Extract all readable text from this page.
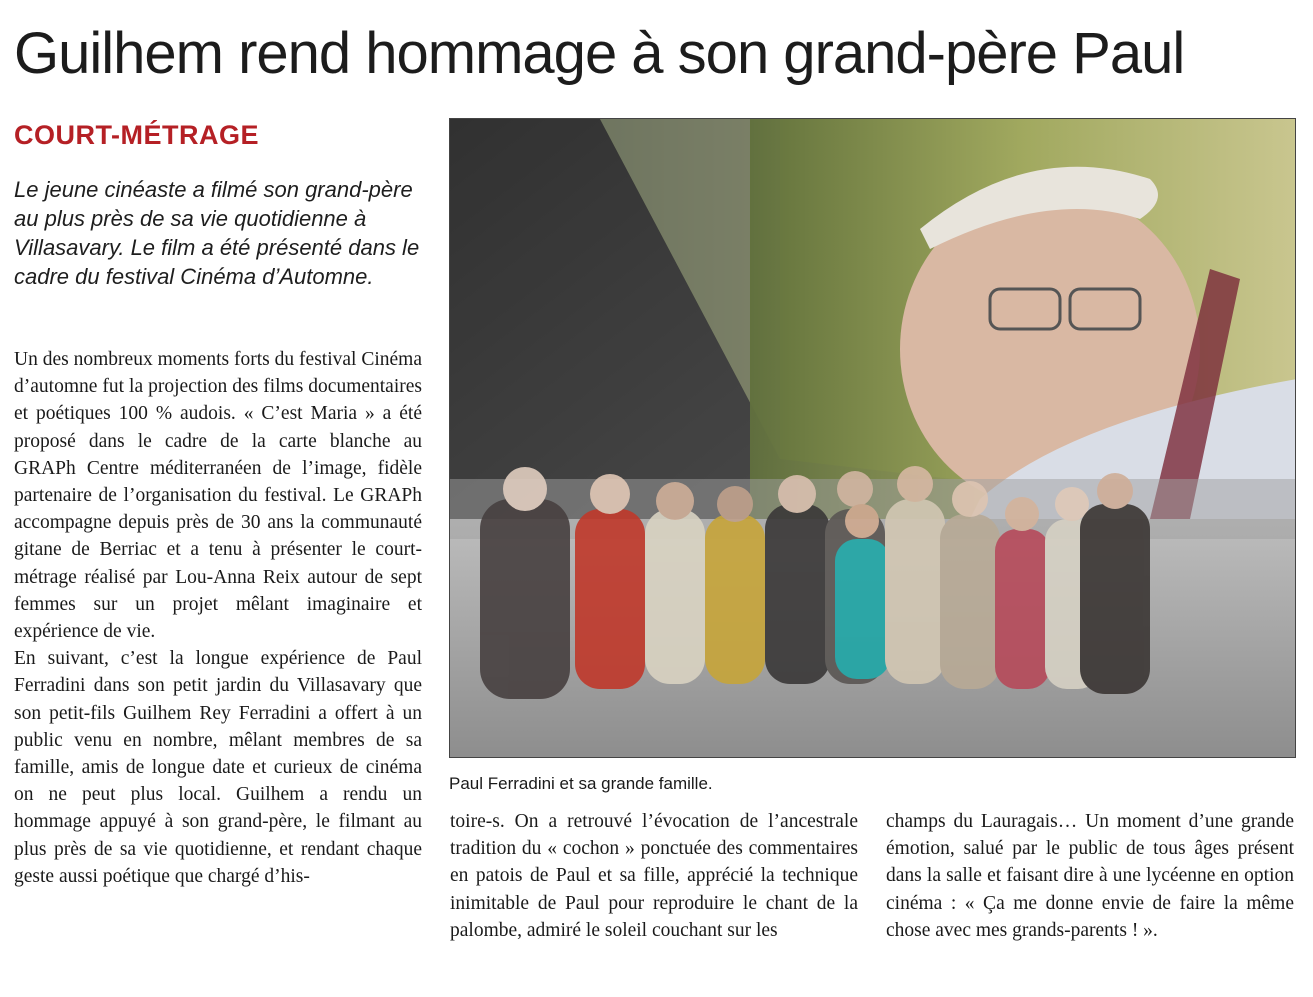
Guilhem rend hommage à son grand-père Paul
COURT-MÉTRAGE

Le jeune cinéaste a filmé son grand-père au plus près de sa vie quotidienne à Villasavary. Le film a été présenté dans le cadre du festival Cinéma d’Automne.

Un des nombreux moments forts du festival Cinéma d’automne fut la projection des films documentaires et poétiques 100 % audois. « C’est Maria » a été proposé dans le cadre de la carte blanche au GRAPh Centre méditerranéen de l’image, fidèle partenaire de l’organisation du festival. Le GRAPh accompagne depuis près de 30 ans la communauté gitane de Berriac et a tenu à présenter le court-métrage réalisé par Lou-Anna Reix autour de sept femmes sur un projet mêlant imaginaire et expérience de vie.

En suivant, c’est la longue expérience de Paul Ferradini dans son petit jardin du Villasavary que son petit-fils Guilhem Rey Ferradini a offert à un public venu en nombre, mêlant membres de sa famille, amis de longue date et curieux de cinéma on ne peut plus local. Guilhem a rendu un hommage appuyé à son grand-père, le filmant au plus près de sa vie quotidienne, et rendant chaque geste aussi poétique que chargé d’his-

Paul Ferradini et sa grande famille.

toire-s. On a retrouvé l’évocation de l’ancestrale tradition du « cochon » ponctuée des commentaires en patois de Paul et sa fille, apprécié la technique inimitable de Paul pour reproduire le chant de la palombe, admiré le soleil couchant sur les

champs du Lauragais… Un moment d’une grande émotion, salué par le public de tous âges présent dans la salle et faisant dire à une lycéenne en option cinéma : « Ça me donne envie de faire la même chose avec mes grands-parents ! ».
